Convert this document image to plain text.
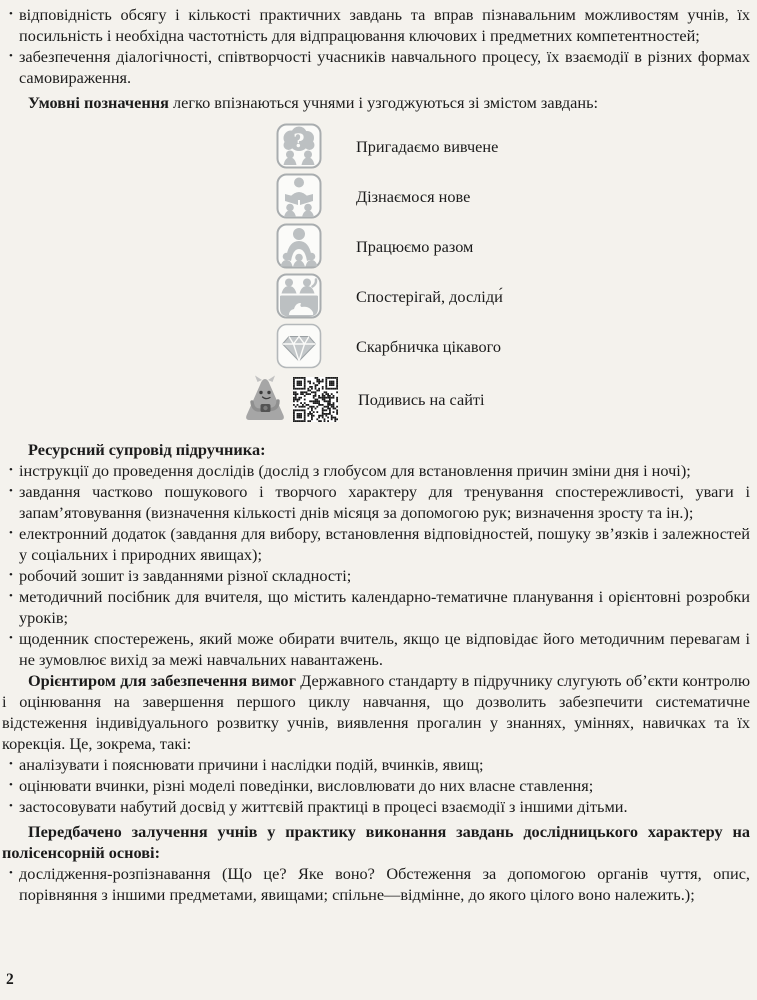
• відповідність обсягу і кількості практичних завдань та вправ пізнавальним можливостям учнів, їх посильність і необхідна частотність для відпрацювання ключових і предметних компетентностей;
• забезпечення діалогічності, співтворчості учасників навчального процесу, їх взаємодії в різних формах самовираження.

Умовні позначення легко впізнаються учнями і узгоджуються зі змістом завдань:

?	Пригадаємо вивчене
Дізнаємося нове
Працюємо разом
Спостерігай, досліди́
Скарбничка цікавого
Подивись на сайті

Ресурсний супровід підручника:

• інструкції до проведення дослідів (дослід з глобусом для встановлення причин зміни дня і ночі);
• завдання частково пошукового і творчого характеру для тренування спостережливості, уваги і запам’ятовування (визначення кількості днів місяця за допомогою рук; визначення зросту та ін.);
• електронний додаток (завдання для вибору, встановлення відповідностей, пошуку зв’язків і залежностей у соціальних і природних явищах);
• робочий зошит із завданнями різної складності;
• методичний посібник для вчителя, що містить календарно-тематичне планування і орієнтовні розробки уроків;
• щоденник спостережень, який може обирати вчитель, якщо це відповідає його методичним перевагам і не зумовлює вихід за межі навчальних навантажень.

Орієнтиром для забезпечення вимог Державного стандарту в підручнику слугують об’єкти контролю і оцінювання на завершення першого циклу навчання, що дозволить забезпечити систематичне відстеження індивідуального розвитку учнів, виявлення прогалин у знаннях, уміннях, навичках та їх корекція. Це, зокрема, такі:

• аналізувати і пояснювати причини і наслідки подій, вчинків, явищ;
• оцінювати вчинки, різні моделі поведінки, висловлювати до них власне ставлення;
• застосовувати набутий досвід у життєвій практиці в процесі взаємодії з іншими дітьми.

Передбачено залучення учнів у практику виконання завдань дослідницького характеру на полісенсорній основі:

• дослідження-розпізнавання (Що це? Яке воно? Обстеження за допомогою органів чуття, опис, порівняння з іншими предметами, явищами; спільне—відмінне, до якого цілого воно належить.);
2
